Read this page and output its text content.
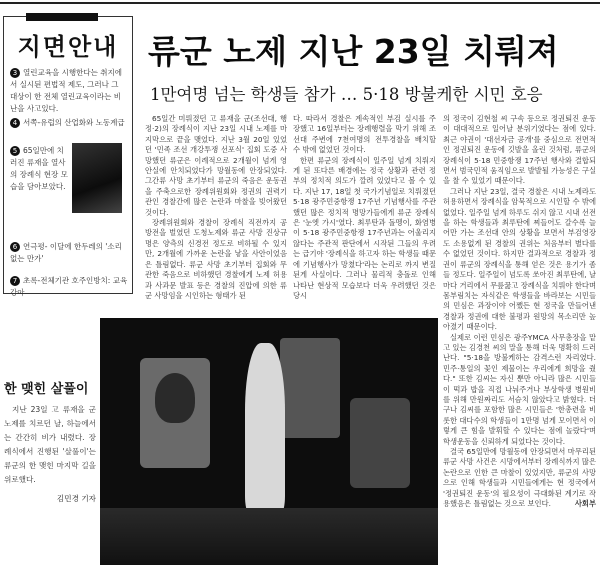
지면안내
3 열린교육을 시행한다는 취지에서 실시된 편법적 제도, 그러나 그 대상이 한 전체 열린교육이라는 비난을 사고있다.
4 서쪽-유럽의 산업화와 노동계급
5 65일만에 치러진 류재을 열사의 장례식 현장 모습을 담아보았다.
6 연극평- 이달에 한두레의 '소리없는 만가'
7 초록-전체기관 호주인방치: 교육강아
류군 노제 지난 23일 치뤄져
1만여명 넘는 학생들 참가 … 5·18 방불케한 시민 호응

65일간 미뤄졌던 고 류재을 군(조선대, 행정·2)의 장례식이 지난 23일 시내 노제를 마지막으로 끝을 맺었다. 지난 3월 20일 있었던 '민족 조선 개강투쟁 선포식' 집회 도중 사망했던 류군은 이례적으로 2개월이 넘게 영안실에 안치되었다가 망월동에 안장되었다. 그간류 사망 초기부터 류군의 죽음은 운동권을 주축으로한 장례위원회와 정권의 권력기관인 경찰간에 많은 논란과 마찰을 빚어왔던 것이다.

장례위원회와 경찰이 장례식 직전까지 공방전을 벌였던 도청노제와 류군 사망 진상규명은 양측의 신경전 정도로 비하될 수 있지만, 2개월에 가까운 논란을 낳을 사안이었음은 틀림없다. 류군 사망 초기부터 집회와 무관한 죽음으로 비하했던 경찰에게 노제 허용과 사과문 발표 등은 경찰의 진압에 의한 류군 사망임을 시인하는 형태가 된

다. 따라서 경찰은 계속적인 부검 실시를 주장했고 16일부터는 장례행렬을 막기 위해 조선대 주변에 7천여명의 전투경찰을 배치할 수 밖에 없었던 것이다.

한편 류군의 장례식이 일주일 넘게 치뤄지게 된 또다른 배경에는 정국 상황과 관련 정부의 정치적 의도가 깔려 있었다고 볼 수 있다. 지난 17, 18일 첫 국가기념일로 치뤄졌던 5·18 광주민중항쟁 17주년 기념행사를 주관했던 많은 정치적 명망가들에게 류군 장례식은 '눈엣 가시'였다. 최루탄과 돌멩이, 화염병이 5·18 광주민중항쟁 17주년과는 어울리지 않다는 주관적 판단에서 시작된 그들의 우려는 급기야 '장례식을 하고자 하는 학생들 때문에 기념행사가 망쳤다'라는 논리로 까지 변질된게 사실이다. 그러나 물리적 충돌로 인해 나타난 현상적 모습보다 더욱 우려했던 것은 당시

의 정국이 김현철 씨 구속 등으로 정권퇴진 운동이 대대적으로 일어날 분위기였다는 점에 있다. 최근 야권이 '대선자금 공개'를 중심으로 전면적인 정권퇴진 운동에 깃발을 올린 것처럼, 류군의 장례식이 5·18 민중항쟁 17주년 행사와 결합되면서 범국민적 움직임으로 발발될 가능성은 구실을 찰 수 있었기 때문이다.

그러나 지난 23일, 결국 경찰은 시내 노제라도 허용하면서 장례식을 암묵적으로 시인할 수 밖에 없었다. 일주일 넘게 하루도 쉬지 않고 시내 선전을 하는 학생들과 최루탄에 찌들어도 갈수록 늘어만 가는 조선대 안의 상황을 보면서 부검영장도 소용없게 된 경찰의 권위는 처음부터 별다를 수 없었던 것이다. 하지만 결과적으로 경찰과 정권이 류군의 장례식을 통해 얻은 것은 용기가 좀들 정도다. 일주일이 넘도록 쏘아진 최루탄에, 날마다 거리에서 무릎꿇고 장례식을 치뤄야 한다며 몸부림치는 자식같은 학생들을 바라보는 시민들의 민심은 과장이야 어쨌든 현 정국을 만들어낸 경찰과 정권에 대한 불평과 원망의 목소리만 높아졌기 때문이다.

실제로 이런 민심은 광주YMCA 사무총장을 맡고 있는 김경천 씨의 말을 통해 더욱 명확히 드러난다. "5·18을 방불케하는 감격스런 자리였다. 민주·통일의 꽃인 제물이는 우리에게 희망을 줬다." 또한 김씨는 자신 뿐만 아니라 많은 시민들이 떡과 밥을 직접 나눠주거나 부상학생 병원비를 위해 만원짜리도 서슴치 않았다고 밝혔다. 더구나 김씨를 포함한 많은 시민들은 '한총련을 비롯한 대다수의 학생들이 1만명 넘게 모이면서 이렇게 큰 힘을 발휘할 수 있다는 점에 놀랐다'며 학생운동을 신뢰하게 되었다는 것이다.

결국 65일만에 망월동에 안장되면서 마무리된 류군 사망 사건은 시망에서부터 장례식까지 많은 논란으로 인한 큰 마찰이 있었지만, 류군의 사망으로 인해 학생들과 시민들에게는 현 정국에서 '정권퇴진 운동'의 필요성이 극대화된 계기로 작용했음은 틀림없는 것으로 보인다.	사회부

한 맺힌 살풀이

지난 23일 고 류재을 군 노제를 치르던 날, 하늘에서는 간간히 비가 내렸다. 장례식에서 진행된 '살풀이'는 류군의 한 맺힌 마지막 길을 위로했다.

김민경 기자
